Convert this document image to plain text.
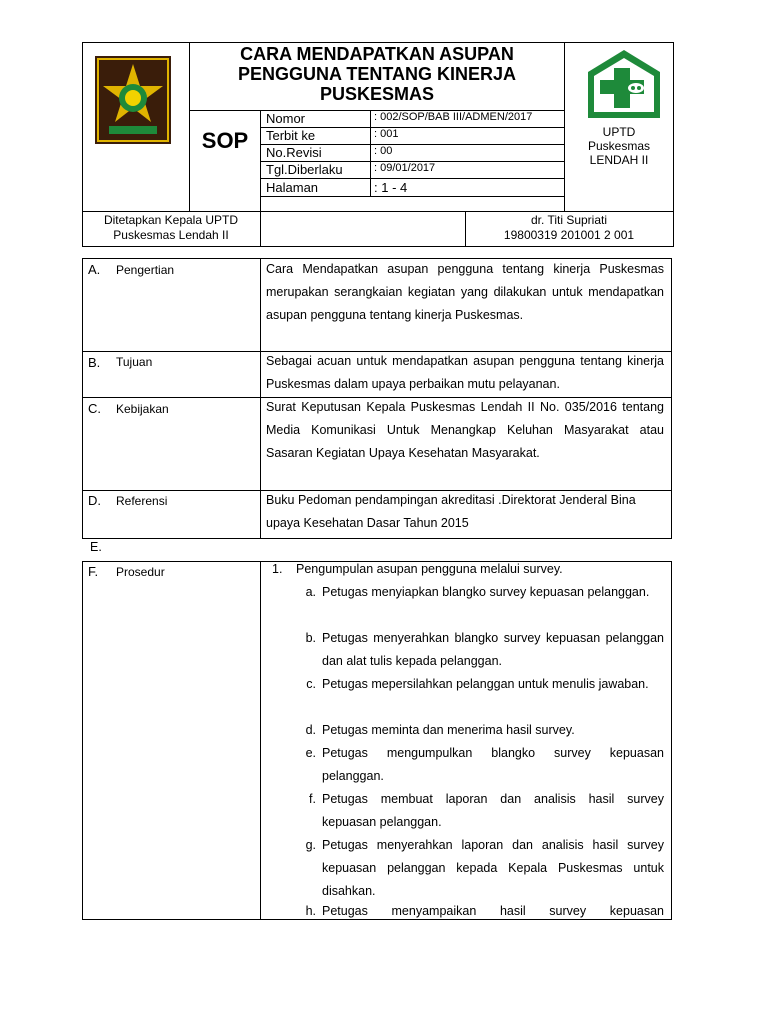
CARA MENDAPATKAN ASUPAN PENGGUNA TENTANG KINERJA PUSKESMAS
SOP
Nomor	: 002/SOP/BAB III/ADMEN/2017
Terbit ke	: 001
No.Revisi	: 00
Tgl.Diberlaku	: 09/01/2017
Halaman	: 1 - 4
UPTD
Puskesmas
LENDAH II
Ditetapkan Kepala UPTD
Puskesmas Lendah II
dr. Titi Supriati
19800319 201001 2 001
A. Pengertian	Cara Mendapatkan asupan pengguna tentang kinerja Puskesmas merupakan serangkaian kegiatan yang dilakukan untuk mendapatkan asupan pengguna tentang kinerja Puskesmas.
B. Tujuan	Sebagai acuan untuk mendapatkan asupan pengguna tentang kinerja Puskesmas dalam upaya perbaikan mutu pelayanan.
C. Kebijakan	Surat Keputusan Kepala Puskesmas Lendah II No. 035/2016 tentang Media Komunikasi Untuk Menangkap Keluhan Masyarakat atau Sasaran Kegiatan Upaya Kesehatan Masyarakat.
D. Referensi	Buku Pedoman pendampingan akreditasi .Direktorat Jenderal Bina upaya Kesehatan Dasar Tahun 2015
E.
F. Prosedur	1. Pengumpulan asupan pengguna melalui survey.
a. Petugas menyiapkan blangko survey kepuasan pelanggan.
b. Petugas menyerahkan blangko survey kepuasan pelanggan dan alat tulis kepada pelanggan.
c. Petugas mepersilahkan pelanggan untuk menulis jawaban.
d. Petugas meminta dan menerima hasil survey.
e. Petugas mengumpulkan blangko survey kepuasan pelanggan.
f. Petugas membuat laporan dan analisis hasil survey kepuasan pelanggan.
g. Petugas menyerahkan laporan dan analisis hasil survey kepuasan pelanggan kepada Kepala Puskesmas untuk disahkan.
h. Petugas menyampaikan hasil survey kepuasan
